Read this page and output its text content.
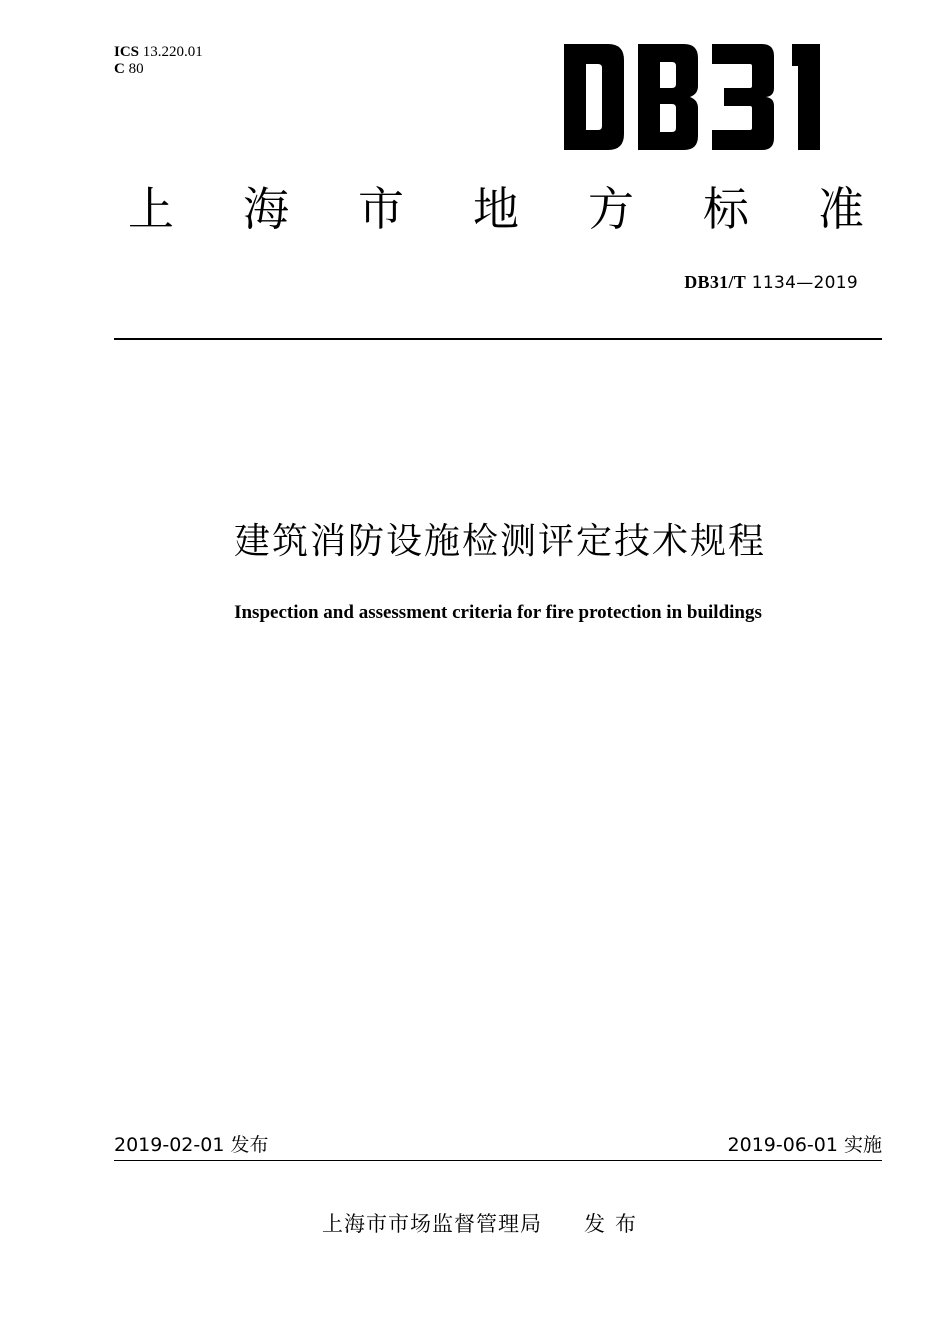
ICS 13.220.01
C 80
上 海 市 地 方 标 准
DB31/T 1134—2019
建筑消防设施检测评定技术规程
Inspection and assessment criteria for fire protection in buildings
2019-02-01 发布	2019-06-01 实施
上海市市场监督管理局 发布
